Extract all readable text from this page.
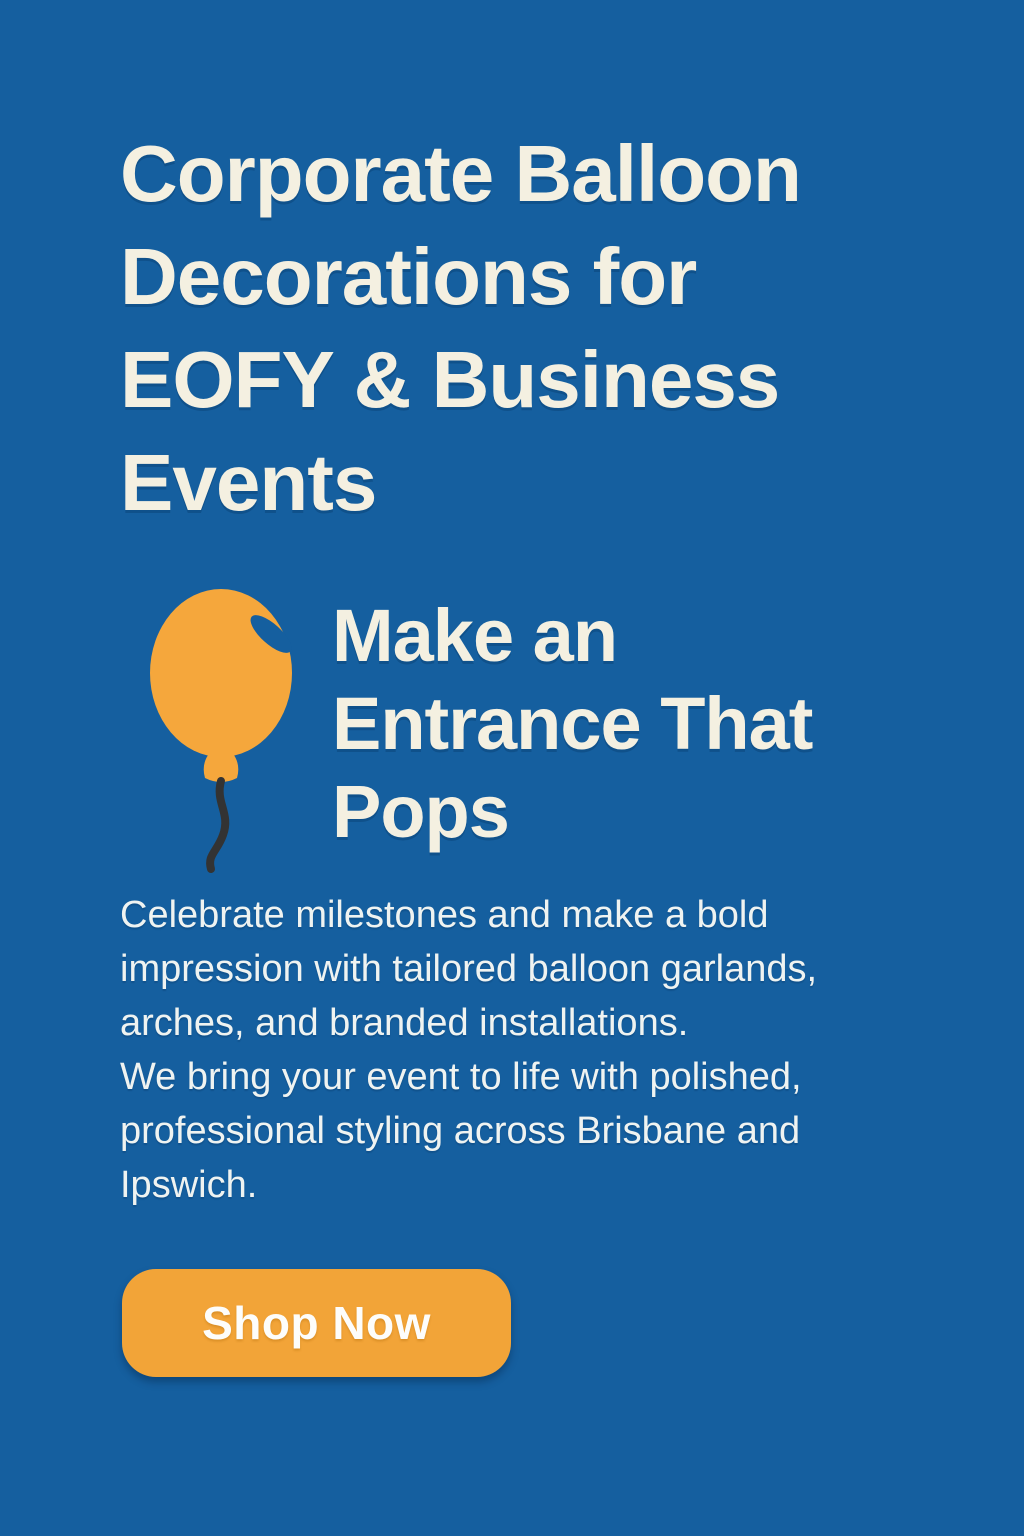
Corporate Balloon
Decorations for
EOFY & Business
Events
Make an
Entrance That
Pops
Celebrate milestones and make a bold
impression with tailored balloon garlands,
arches, and branded installations.
We bring your event to life with polished,
professional styling across Brisbane and
Ipswich.
Shop Now
